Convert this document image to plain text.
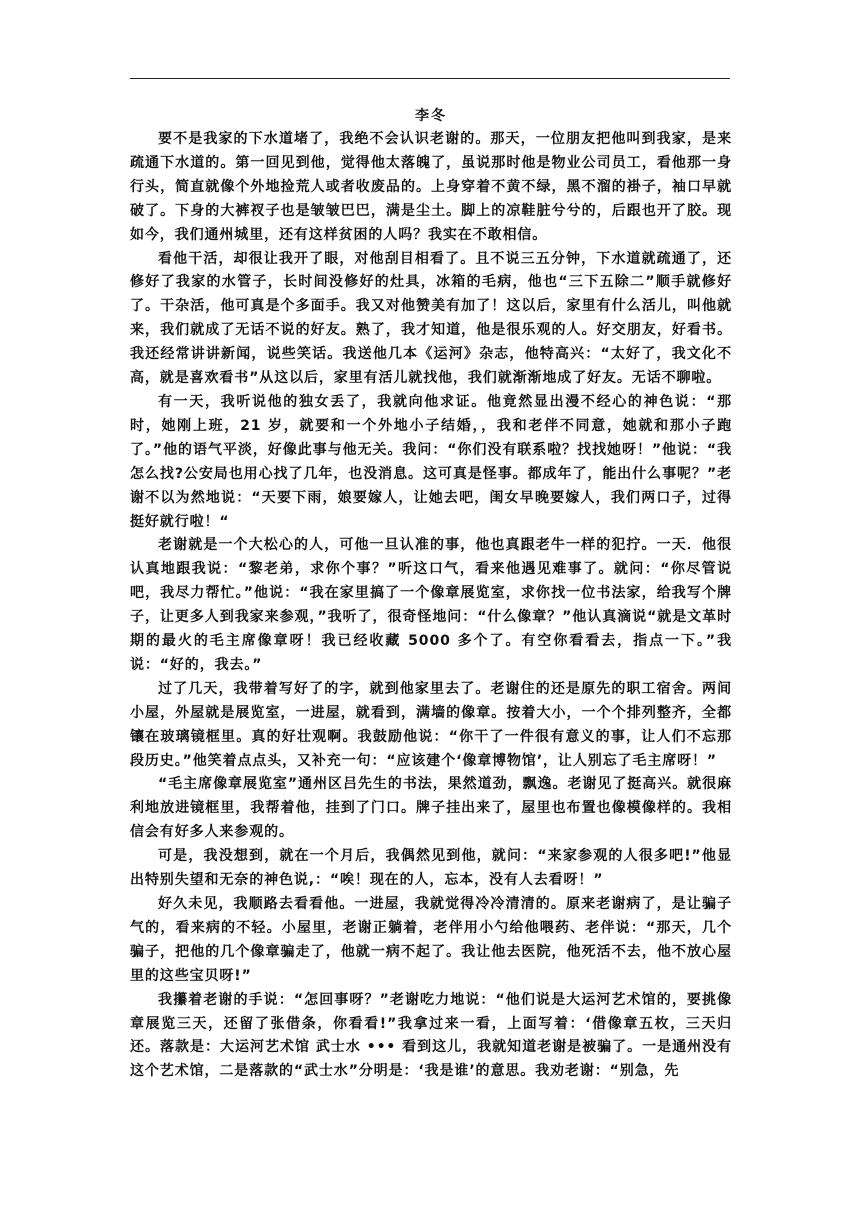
李冬

要不是我家的下水道堵了，我绝不会认识老谢的。那天，一位朋友把他叫到我家，是来疏通下水道的。第一回见到他，觉得他太落魄了，虽说那时他是物业公司员工，看他那一身行头，简直就像个外地捡荒人或者收废品的。上身穿着不黄不绿，黑不溜的褂子，袖口早就破了。下身的大裤衩子也是皱皱巴巴，满是尘土。脚上的凉鞋脏兮兮的，后跟也开了胶。现如今，我们通州城里，还有这样贫困的人吗？我实在不敢相信。

看他干活，却很让我开了眼，对他刮目相看了。且不说三五分钟，下水道就疏通了，还修好了我家的水管子，长时间没修好的灶具，冰箱的毛病，他也“三下五除二”顺手就修好了。干杂活，他可真是个多面手。我又对他赞美有加了！这以后，家里有什么活儿，叫他就来，我们就成了无话不说的好友。熟了，我才知道，他是很乐观的人。好交朋友，好看书。我还经常讲讲新闻，说些笑话。我送他几本《运河》杂志，他特高兴：“太好了，我文化不高，就是喜欢看书”从这以后，家里有活儿就找他，我们就渐渐地成了好友。无话不聊啦。

有一天，我听说他的独女丢了，我就向他求证。他竟然显出漫不经心的神色说：“那时，她刚上班，21 岁，就要和一个外地小子结婚，，我和老伴不同意，她就和那小子跑了。”他的语气平淡，好像此事与他无关。我问：“你们没有联系啦？找找她呀！”他说：“我怎么找?公安局也用心找了几年，也没消息。这可真是怪事。都成年了，能出什么事呢？”老谢不以为然地说：“天要下雨，娘要嫁人，让她去吧，闺女早晚要嫁人，我们两口子，过得挺好就行啦！“

老谢就是一个大松心的人，可他一旦认准的事，他也真跟老牛一样的犯拧。一天．他很认真地跟我说：“黎老弟，求你个事？”听这口气，看来他遇见难事了。就问：“你尽管说吧，我尽力帮忙。”他说：“我在家里搞了一个像章展览室，求你找一位书法家，给我写个牌子，让更多人到我家来参观，”我听了，很奇怪地问：“什么像章？”他认真滴说“就是文革时期的最火的毛主席像章呀！我已经收藏 5000 多个了。有空你看看去，指点一下。”我说：“好的，我去。”

过了几天，我带着写好了的字，就到他家里去了。老谢住的还是原先的职工宿舍。两间小屋，外屋就是展览室，一进屋，就看到，满墙的像章。按着大小，一个个排列整齐，全都镶在玻璃镜框里。真的好壮观啊。我鼓励他说：“你干了一件很有意义的事，让人们不忘那段历史。”他笑着点点头，又补充一句：“应该建个‘像章博物馆’，让人别忘了毛主席呀！”

“毛主席像章展览室”通州区吕先生的书法，果然道劲，飘逸。老谢见了挺高兴。就很麻利地放进镜框里，我帮着他，挂到了门口。牌子挂出来了，屋里也布置也像模像样的。我相信会有好多人来参观的。

可是，我没想到，就在一个月后，我偶然见到他，就问：“来家参观的人很多吧!”他显出特别失望和无奈的神色说,：“唉！现在的人，忘本，没有人去看呀！”

好久未见，我顺路去看看他。一进屋，我就觉得冷冷清清的。原来老谢病了，是让骗子气的，看来病的不轻。小屋里，老谢正躺着，老伴用小勺给他喂药、老伴说：“那天，几个骗子，把他的几个像章骗走了，他就一病不起了。我让他去医院，他死活不去，他不放心屋里的这些宝贝呀!”

我攥着老谢的手说：“怎回事呀？”老谢吃力地说：“他们说是大运河艺术馆的，要挑像章展览三天，还留了张借条，你看看!”我拿过来一看，上面写着：‘借像章五枚，三天归还。落款是：大运河艺术馆 武士水 ••• 看到这儿，我就知道老谢是被骗了。一是通州没有这个艺术馆，二是落款的“武士水”分明是：‘我是谁’的意思。我劝老谢：“别急，先
